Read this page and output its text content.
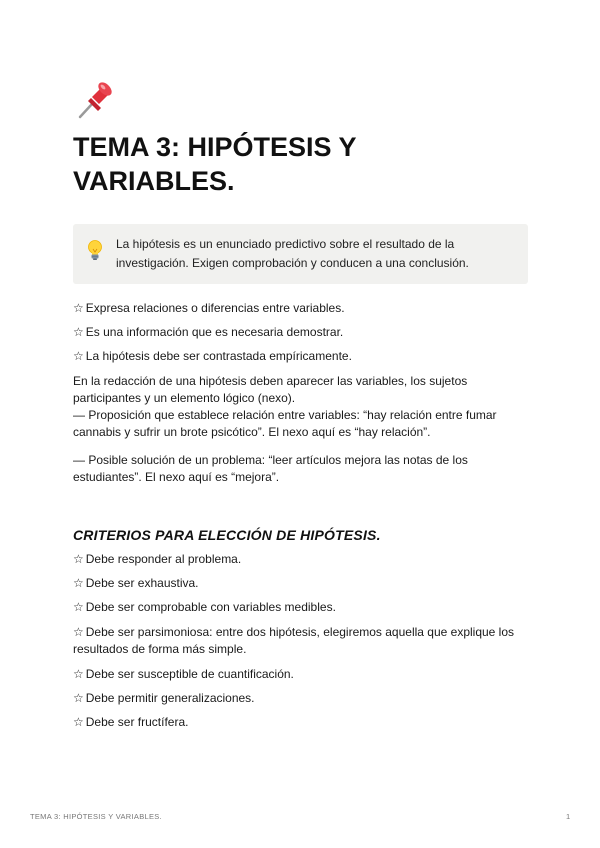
TEMA 3: HIPÓTESIS Y
VARIABLES.
La hipótesis es un enunciado predictivo sobre el resultado de la
investigación. Exigen comprobación y conducen a una conclusión.
☆ Expresa relaciones o diferencias entre variables.
☆ Es una información que es necesaria demostrar.
☆ La hipótesis debe ser contrastada empíricamente.
En la redacción de una hipótesis deben aparecer las variables, los sujetos
participantes y un elemento lógico (nexo).
— Proposición que establece relación entre variables: “hay relación entre fumar
cannabis y sufrir un brote psicótico”. El nexo aquí es “hay relación”.
— Posible solución de un problema: “leer artículos mejora las notas de los
estudiantes”. El nexo aquí es “mejora”.
CRITERIOS PARA ELECCIÓN DE HIPÓTESIS.
☆ Debe responder al problema.
☆ Debe ser exhaustiva.
☆ Debe ser comprobable con variables medibles.
☆ Debe ser parsimoniosa: entre dos hipótesis, elegiremos aquella que explique los
resultados de forma más simple.
☆ Debe ser susceptible de cuantificación.
☆ Debe permitir generalizaciones.
☆ Debe ser fructífera.
TEMA 3: HIPÓTESIS Y VARIABLES.	1
